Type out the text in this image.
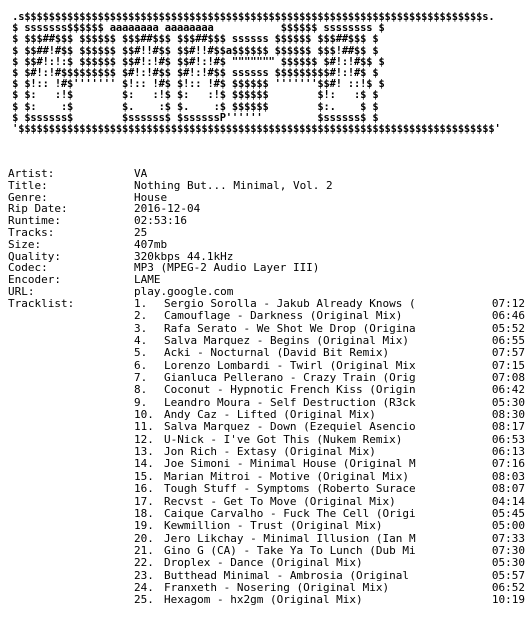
.s$$$$$$$$$$$$$$$$$$$$$$$$$$$$$$$$$$$$$$$$$$$$$$$$$$$$$$$$$$$$$$$$$$$$$$$$$$$s.
$ sssssss$$$$$$ aaaaaaaa aaaaaaaa           $$$$$$ ssssssss $
$ $$$##$$$ $$$$$$ $$$##$$$ $$$##$$$ ssssss $$$$$$ $$$##$$$ $
$ $$##!#$$ $$$$$$ $$#!!#$$ $$#!!#$$a$$$$$$ $$$$$$ $$$!##$$ $
$ $$#!:!:$ $$$$$$ $$#!:!#$ $$#!:!#$ """"""" $$$$$$ $#!:!#$$ $
$ $#!:!#$$$$$$$$$ $#!:!#$$ $#!:!#$$ ssssss $$$$$$$$$#!:!#$ $
$ $!:: !#$''''''' $!:: !#$ $!:: !#$ $$$$$$ '''''''$$#! ::!$ $
$ $:   :!$        $:   :!$ $:   :!$ $$$$$$        $!:   :$ $
$ $:    :$        $.    :$ $.    :$ $$$$$$        $:.    $ $
$ $ssssss$        $ssssss$ $ssssssP''''''         $ssssss$ $
'$$$$$$$$$$$$$$$$$$$$$$$$$$$$$$$$$$$$$$$$$$$$$$$$$$$$$$$$$$$$$$$$$$$$$$$$$$$$$$'
Artist:	VA
Title:	Nothing But... Minimal, Vol. 2
Genre:	House
Rip Date:	2016-12-04
Runtime:	02:53:16
Tracks:	25
Size:	407mb
Quality:	320kbps 44.1kHz
Codec:	MP3 (MPEG-2 Audio Layer III)
Encoder:	LAME
URL:	play.google.com
Tracklist:	1.	Sergio Sorolla - Jakub Already Knows (	07:12
2.	Camouflage - Darkness (Original Mix)	06:46
3.	Rafa Serato - We Shot We Drop (Origina	05:52
4.	Salva Marquez - Begins (Original Mix)	06:55
5.	Acki - Nocturnal (David Bit Remix)	07:57
6.	Lorenzo Lombardi - Twirl (Original Mix	07:15
7.	Gianluca Pellerano - Crazy Train (Orig	07:08
8.	Coconut - Hypnotic French Kiss (Origin	06:42
9.	Leandro Moura - Self Destruction (R3ck	05:30
10. Andy Caz - Lifted (Original Mix)	08:30
11. Salva Marquez - Down (Ezequiel Asencio	08:17
12. U-Nick - I've Got This (Nukem Remix)	06:53
13. Jon Rich - Extasy (Original Mix)	06:13
14. Joe Simoni - Minimal House (Original M	07:16
15. Marian Mitroi - Motive (Original Mix)	08:03
16. Tough Stuff - Symptoms (Roberto Surace	08:07
17. Recvst - Get To Move (Original Mix)	04:14
18. Caique Carvalho - Fuck The Cell (Origi	05:45
19. Kewmillion - Trust (Original Mix)	05:00
20. Jero Likchay - Minimal Illusion (Ian M	07:33
21. Gino G (CA) - Take Ya To Lunch (Dub Mi	07:30
22. Droplex - Dance (Original Mix)	05:30
23. Butthead Minimal - Ambrosia (Original	05:57
24. Franxeth - Nosering (Original Mix)	06:52
25. Hexagom - hx2gm (Original Mix)	10:19
